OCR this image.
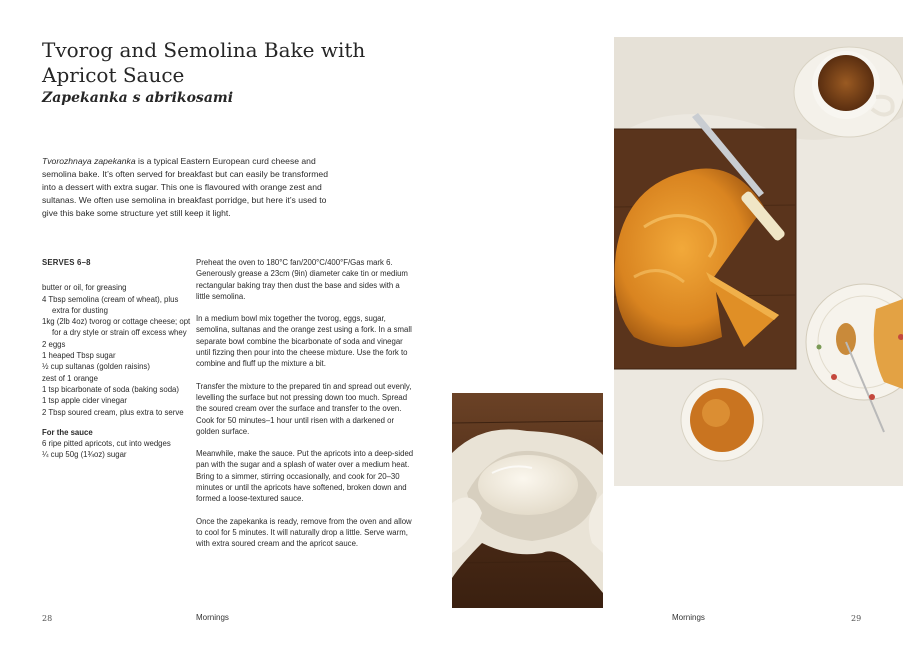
Tvorog and Semolina Bake with Apricot Sauce
Zapekanka s abrikosami

Tvorozhnaya zapekanka is a typical Eastern European curd cheese and semolina bake. It’s often served for breakfast but can easily be transformed into a dessert with extra sugar. This one is flavoured with orange zest and sultanas. We often use semolina in breakfast porridge, but here it’s used to give this bake some structure yet still keep it light.

SERVES 6–8
butter or oil, for greasing
4 Tbsp semolina (cream of wheat), plus extra for dusting
1kg (2lb 4oz) tvorog or cottage cheese; opt for a dry style or strain off excess whey
2 eggs
1 heaped Tbsp sugar
½ cup sultanas (golden raisins)
zest of 1 orange
1 tsp bicarbonate of soda (baking soda)
1 tsp apple cider vinegar
2 Tbsp soured cream, plus extra to serve
For the sauce
6 ripe pitted apricots, cut into wedges
¼ cup 50g (1¾oz) sugar

Preheat the oven to 180°C fan/200°C/400°F/Gas mark 6. Generously grease a 23cm (9in) diameter cake tin or medium rectangular baking tray then dust the base and sides with a little semolina.

In a medium bowl mix together the tvorog, eggs, sugar, semolina, sultanas and the orange zest using a fork. In a small separate bowl combine the bicarbonate of soda and vinegar until fizzing then pour into the cheese mixture. Use the fork to combine and fluff up the mixture a bit.

Transfer the mixture to the prepared tin and spread out evenly, levelling the surface but not pressing down too much. Spread the soured cream over the surface and transfer to the oven. Cook for 50 minutes–1 hour until risen with a darkened or golden surface.

Meanwhile, make the sauce. Put the apricots into a deep-sided pan with the sugar and a splash of water over a medium heat. Bring to a simmer, stirring occasionally, and cook for 20–30 minutes or until the apricots have softened, broken down and formed a loose-textured sauce.

Once the zapekanka is ready, remove from the oven and allow to cool for 5 minutes. It will naturally drop a little. Serve warm, with extra soured cream and the apricot sauce.

28	Mornings	Mornings	29
